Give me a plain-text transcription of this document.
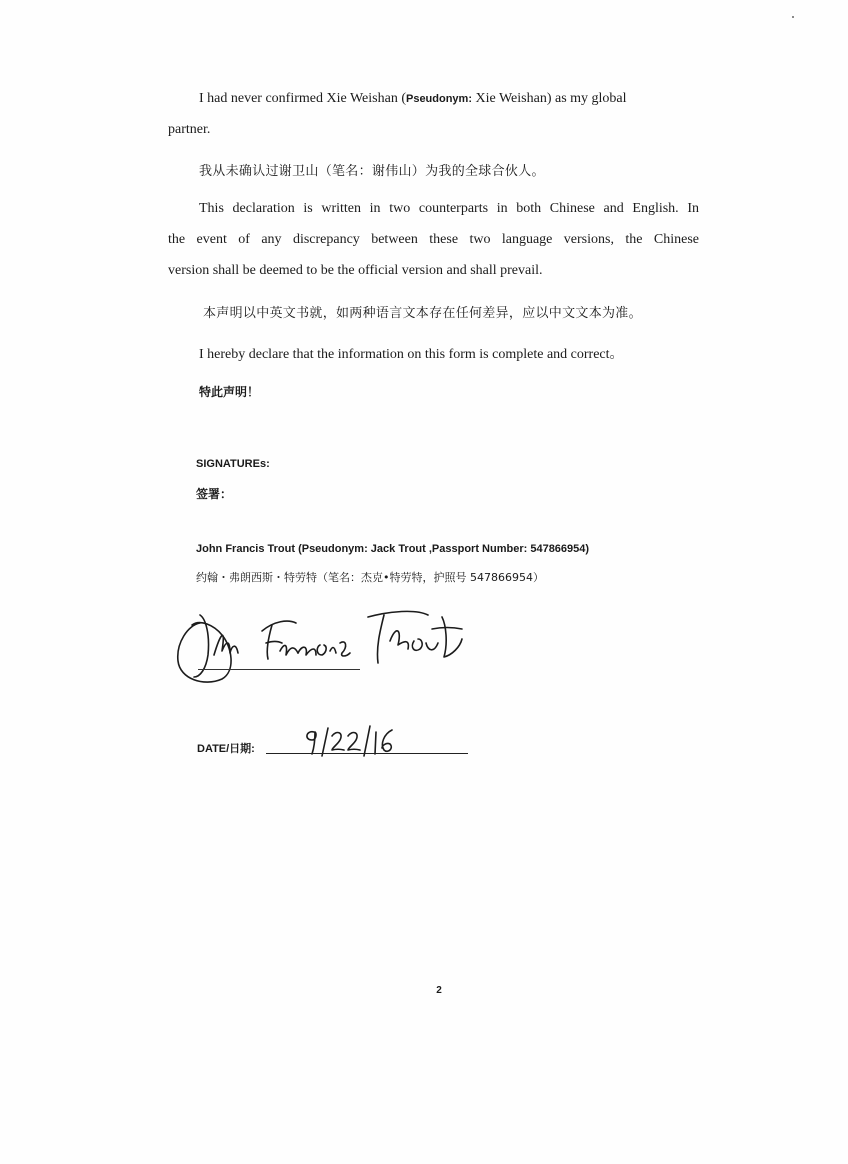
I had never confirmed Xie Weishan (Pseudonym: Xie Weishan) as my global
partner.
我从未确认过谢卫山（笔名：谢伟山）为我的全球合伙人。
This declaration is written in two counterparts in both Chinese and English. In
the event of any discrepancy between these two language versions, the Chinese
version shall be deemed to be the official version and shall prevail.
本声明以中英文书就，如两种语言文本存在任何差异，应以中文文本为准。
I hereby declare that the information on this form is complete and correct。
特此声明！
SIGNATUREs:
签署：
John Francis Trout (Pseudonym: Jack Trout ,Passport Number: 547866954)
约翰・弗朗西斯・特劳特（笔名：杰克•特劳特，护照号 547866954）
DATE/日期:
2
